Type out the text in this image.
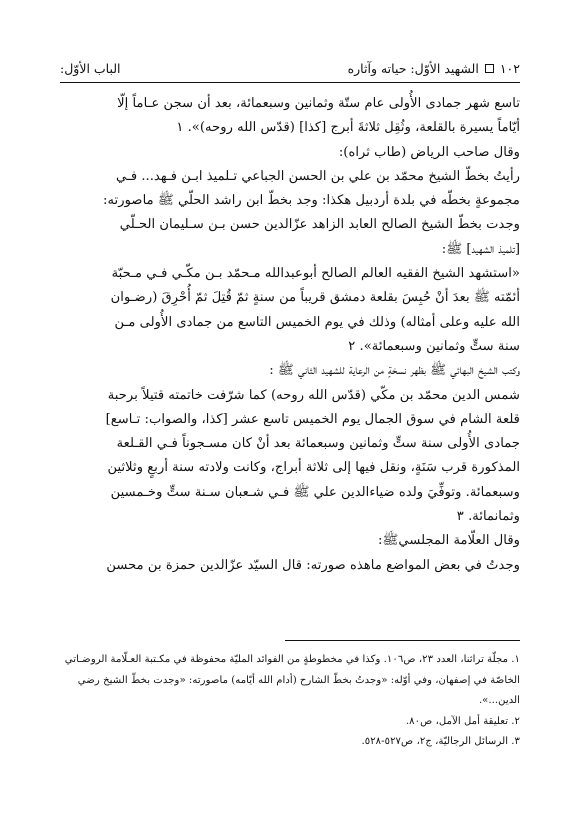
١٠٢
الشهيد الأوّل: حياته وآثاره
الباب الأوّل:

تاسع شهر جمادى الأُولى عام ستّة وثمانين وسبعمائة، بعد أن سجن عـاماً إلّا

أيّاماً يسيرة بالقلعة، وثُقِل ثلاثةَ أبرج [كذا] (قدّس الله روحه)». ١

وقال صاحب الرياض (طاب ثراه):

رأيتُ بخطّ الشيخ محمّد بن علي بن الحسن الجباعي تـلميذ ابـن فـهد... فـي

مجموعةٍ بخطّه في بلدة أردبيل هكذا: وجد بخطّ ابن راشد الحلّي ﷺ ماصورته:

وجدت بخطّ الشيخ الصالح العابد الزاهد عزّالدين حسن بـن سـليمان الحـلّي

[تلميذ الشهيد] ﷺ:

«استشهد الشيخ الفقيه العالم الصالح أبوعبدالله مـحمّد بـن مكّـي فـي مـحبّة

أئمّته ﷺ بعدَ أنْ حُبِسَ بقلعة دمشق قريباً من سنةٍ ثمّ قُتِلَ ثمّ أُحْرِقَ (رضـوان

الله عليه وعلى أمثاله) وذلك في يوم الخميس التاسع من جمادى الأُولى مـن

سنة ستٍّ وثمانين وسبعمائة». ٢

وكتب الشيخ البهائي ﷺ بظهر نسخةٍ من الرعاية للشهيد الثاني ﷺ :

شمس الدين محمّد بن مكّي (قدّس الله روحه) كما شرّفت خاتمته قتيلاً برحبة

قلعة الشام في سوق الجمال يوم الخميس تاسع عشر [كذا، والصواب: تـاسع]

جمادى الأُولى سنة ستٍّ وثمانين وسبعمائة بعد أنْ كان مسـجوناً فـي القـلعة

المذكورة قرب سَنَةٍ، ونقل فيها إلى ثلاثة أبراج، وكانت ولادته سنة أربعٍ وثلاثين

وسبعمائة. وتوفِّيَ ولده ضياءالدين علي ﷺ فـي شـعبان سـنة ستٍّ وخـمسين

وثمانمائة. ٣

وقال العلّامة المجلسيﷺ:

وجدتُ في بعض المواضع ماهذه صورته: قال السيّد عزّالدين حمزة بن محسن

١. مجلّة تراثنا، العدد ٢٣، ص١٠٦. وكذا في مخطوطةٍ من الفوائد المليّة محفوظة في مكـتبة العـلّامة الروضـاتي

الخاصّة في إصفهان، وفي أوّله: «وجدتُ بخطّ الشارح (أدام الله أيّامه) ماصورته: «وجدت بخطّ الشيخ رضي

الدين...».

٢. تعليقة أمل الآمل، ص٨٠.

٣. الرسائل الرجاليّة، ج٢، ص٥٢٧-٥٢٨.
